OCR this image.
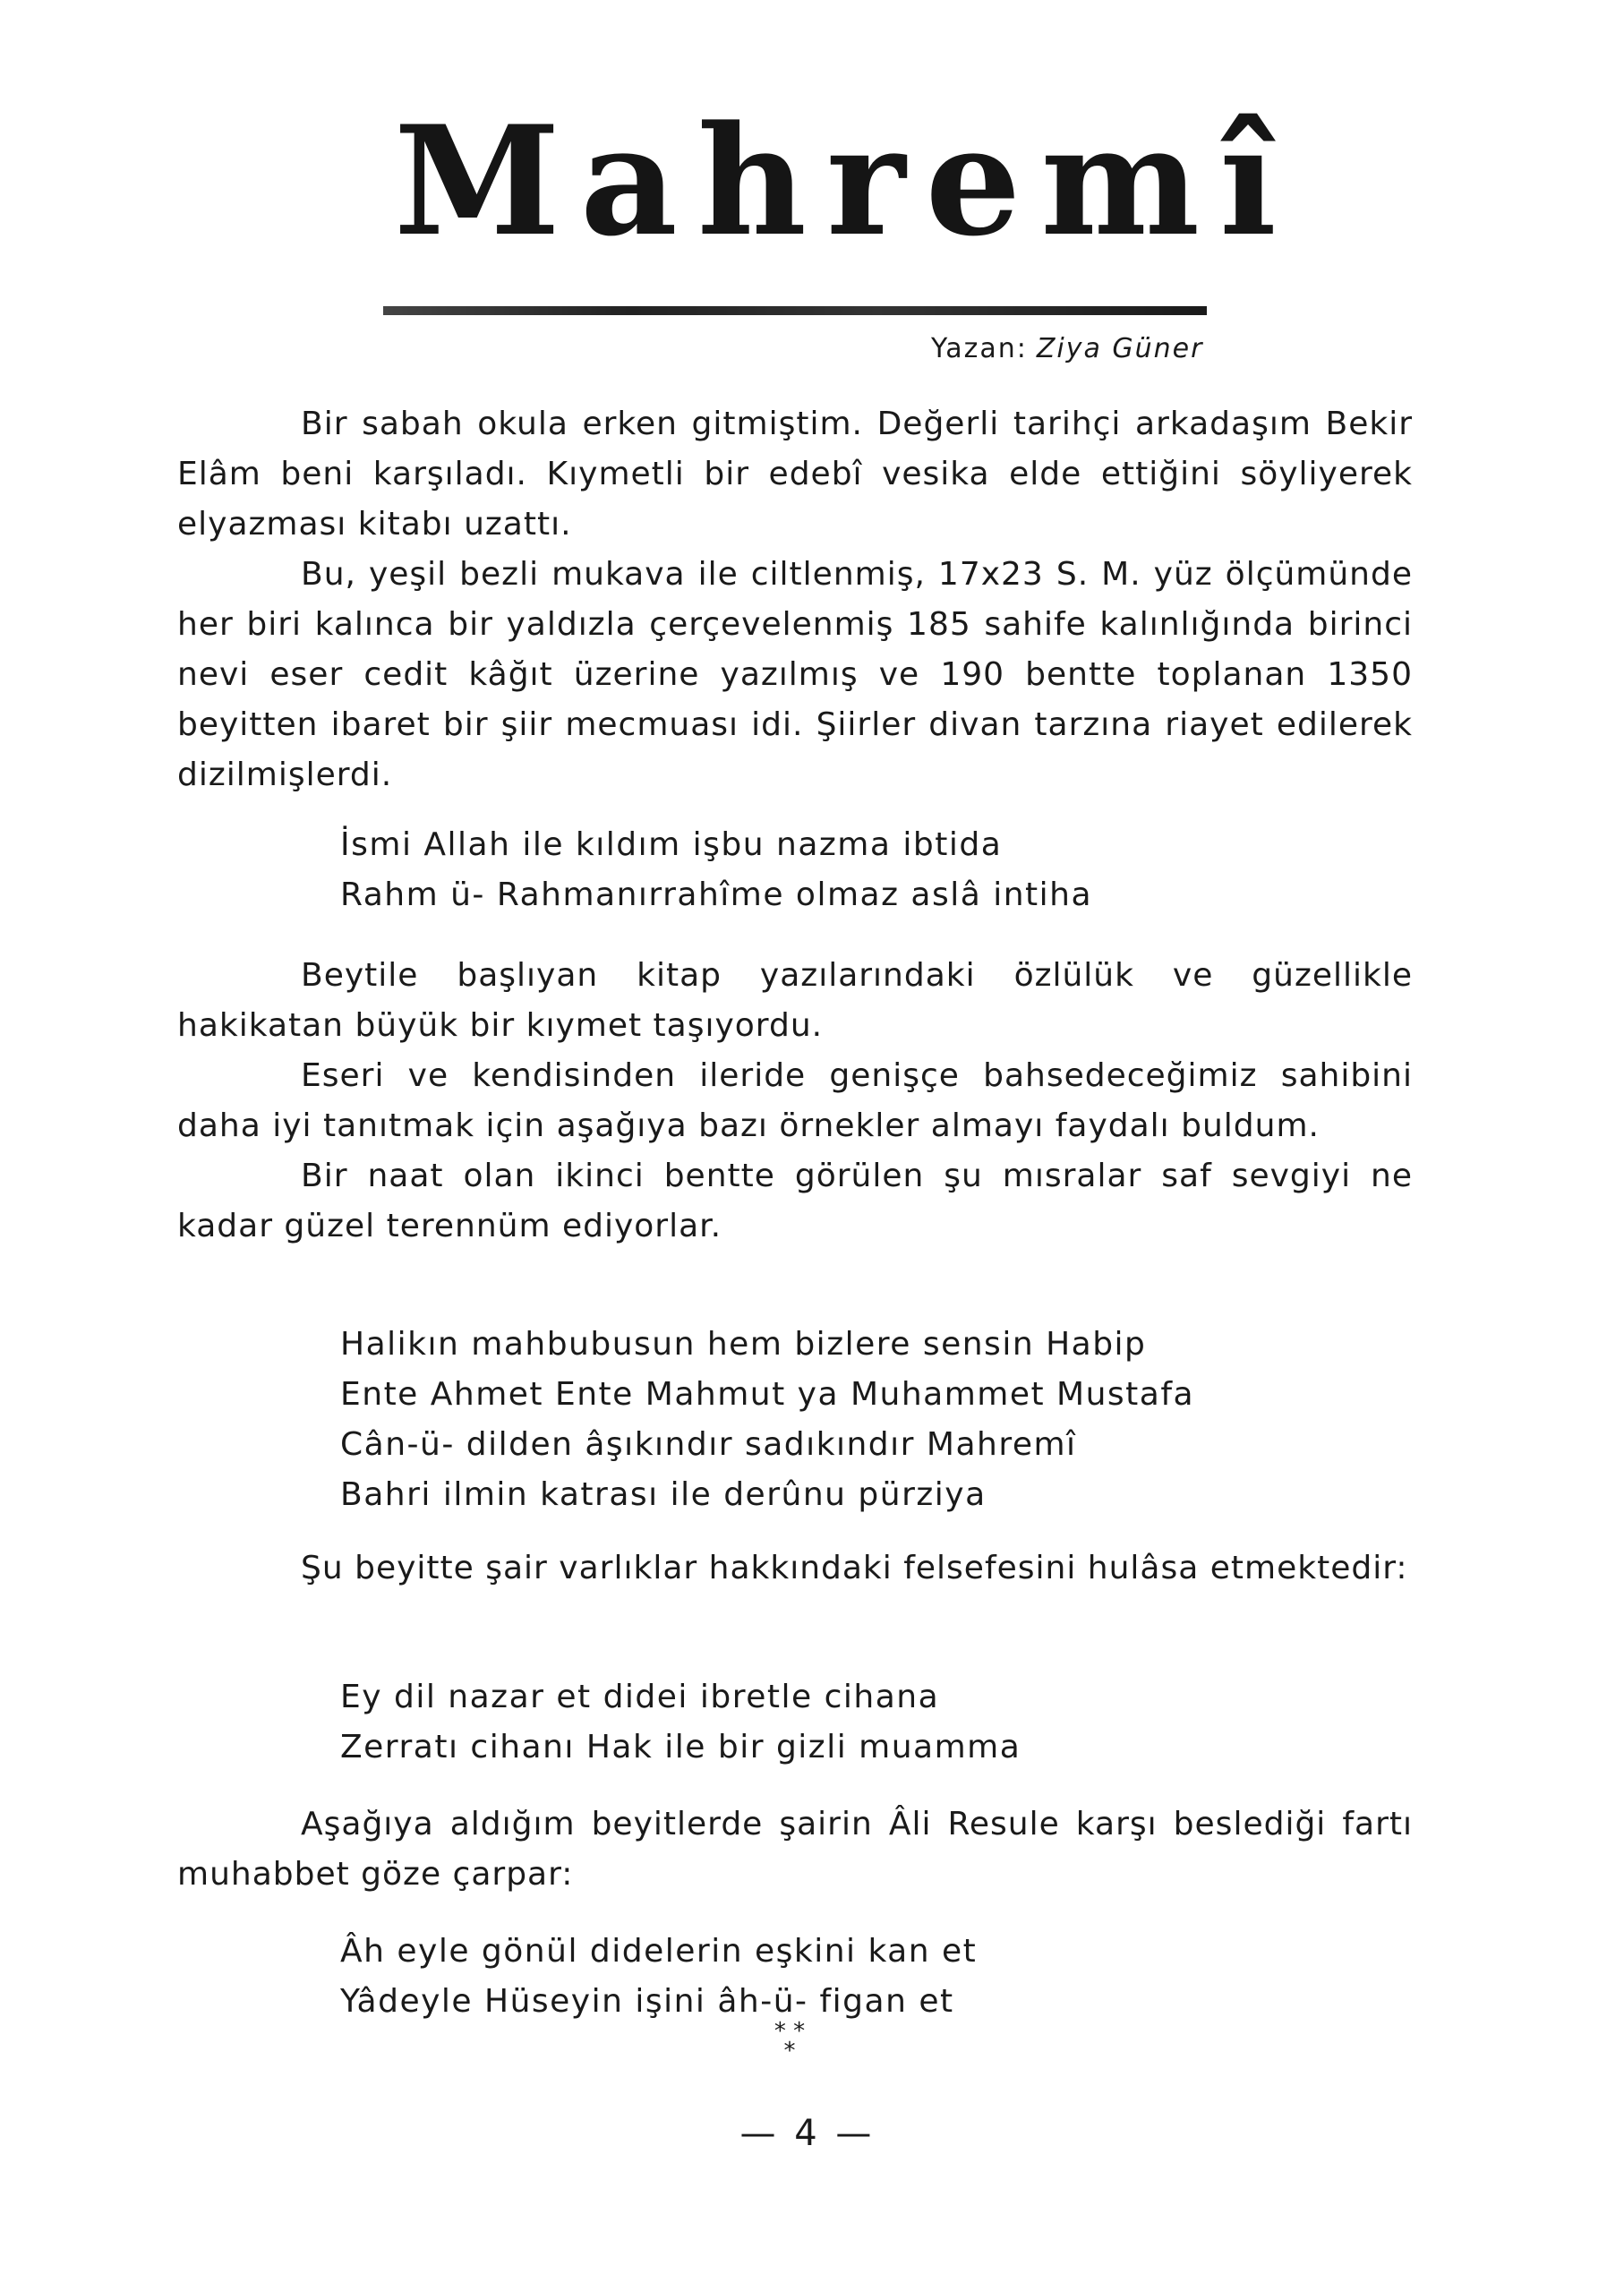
Mahremî
Yazan: Ziya Güner

Bir sabah okula erken gitmiştim. Değerli tarihçi arkadaşım Bekir Elâm beni karşıladı. Kıymetli bir edebî vesika elde ettiğini söyliyerek elyazması kitabı uzattı.

Bu, yeşil bezli mukava ile ciltlenmiş, 17x23 S. M. yüz ölçümünde her biri kalınca bir yaldızla çerçevelenmiş 185 sahife kalınlığında birinci nevi eser cedit kâğıt üzerine yazılmış ve 190 bentte toplanan 1350 beyitten ibaret bir şiir mecmuası idi. Şiirler divan tarzına riayet edilerek dizilmişlerdi.

İsmi Allah ile kıldım işbu nazma ibtida
Rahm ü- Rahmanırrahîme olmaz aslâ intiha

Beytile başlıyan kitap yazılarındaki özlülük ve güzellikle hakikatan büyük bir kıymet taşıyordu.

Eseri ve kendisinden ileride genişçe bahsedeceğimiz sahibini daha iyi tanıtmak için aşağıya bazı örnekler almayı faydalı buldum.

Bir naat olan ikinci bentte görülen şu mısralar saf sevgiyi ne kadar güzel terennüm ediyorlar.

Halikın mahbubusun hem bizlere sensin Habip
Ente Ahmet Ente Mahmut ya Muhammet Mustafa
Cân-ü- dilden âşıkındır sadıkındır Mahremî
Bahri ilmin katrası ile derûnu pürziya

Şu beyitte şair varlıklar hakkındaki felsefesini hulâsa etmektedir:

Ey dil nazar et didei ibretle cihana
Zerratı cihanı Hak ile bir gizli muamma

Aşağıya aldığım beyitlerde şairin Âli Resule karşı beslediği fartı muhabbet göze çarpar:

Âh eyle gönül didelerin eşkini kan et
Yâdeyle Hüseyin işini âh-ü- figan et
* *
*
— 4 —
